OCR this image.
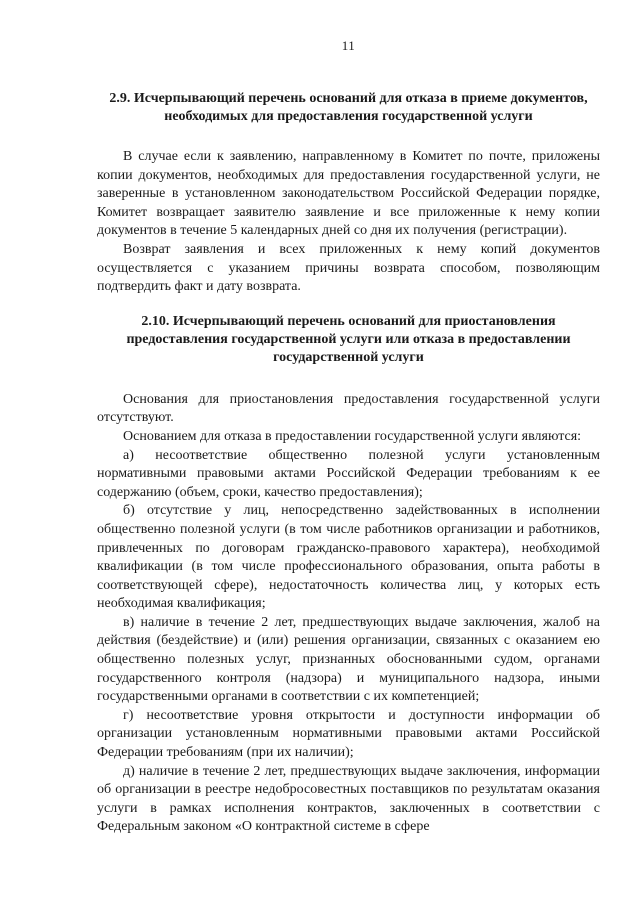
11
2.9. Исчерпывающий перечень оснований для отказа в приеме документов, необходимых для предоставления государственной услуги

В случае если к заявлению, направленному в Комитет по почте, приложены копии документов, необходимых для предоставления государственной услуги, не заверенные в установленном законодательством Российской Федерации порядке, Комитет возвращает заявителю заявление и все приложенные к нему копии документов в течение 5 календарных дней со дня их получения (регистрации).

Возврат заявления и всех приложенных к нему копий документов осуществляется с указанием причины возврата способом, позволяющим подтвердить факт и дату возврата.

2.10. Исчерпывающий перечень оснований для приостановления предоставления государственной услуги или отказа в предоставлении государственной услуги

Основания для приостановления предоставления государственной услуги отсутствуют.

Основанием для отказа в предоставлении государственной услуги являются:

а) несоответствие общественно полезной услуги установленным нормативными правовыми актами Российской Федерации требованиям к ее содержанию (объем, сроки, качество предоставления);

б) отсутствие у лиц, непосредственно задействованных в исполнении общественно полезной услуги (в том числе работников организации и работников, привлеченных по договорам гражданско-правового характера), необходимой квалификации (в том числе профессионального образования, опыта работы в соответствующей сфере), недостаточность количества лиц, у которых есть необходимая квалификация;

в) наличие в течение 2 лет, предшествующих выдаче заключения, жалоб на действия (бездействие) и (или) решения организации, связанных с оказанием ею общественно полезных услуг, признанных обоснованными судом, органами государственного контроля (надзора) и муниципального надзора, иными государственными органами в соответствии с их компетенцией;

г) несоответствие уровня открытости и доступности информации об организации установленным нормативными правовыми актами Российской Федерации требованиям (при их наличии);

д) наличие в течение 2 лет, предшествующих выдаче заключения, информации об организации в реестре недобросовестных поставщиков по результатам оказания услуги в рамках исполнения контрактов, заключенных в соответствии с Федеральным законом «О контрактной системе в сфере
